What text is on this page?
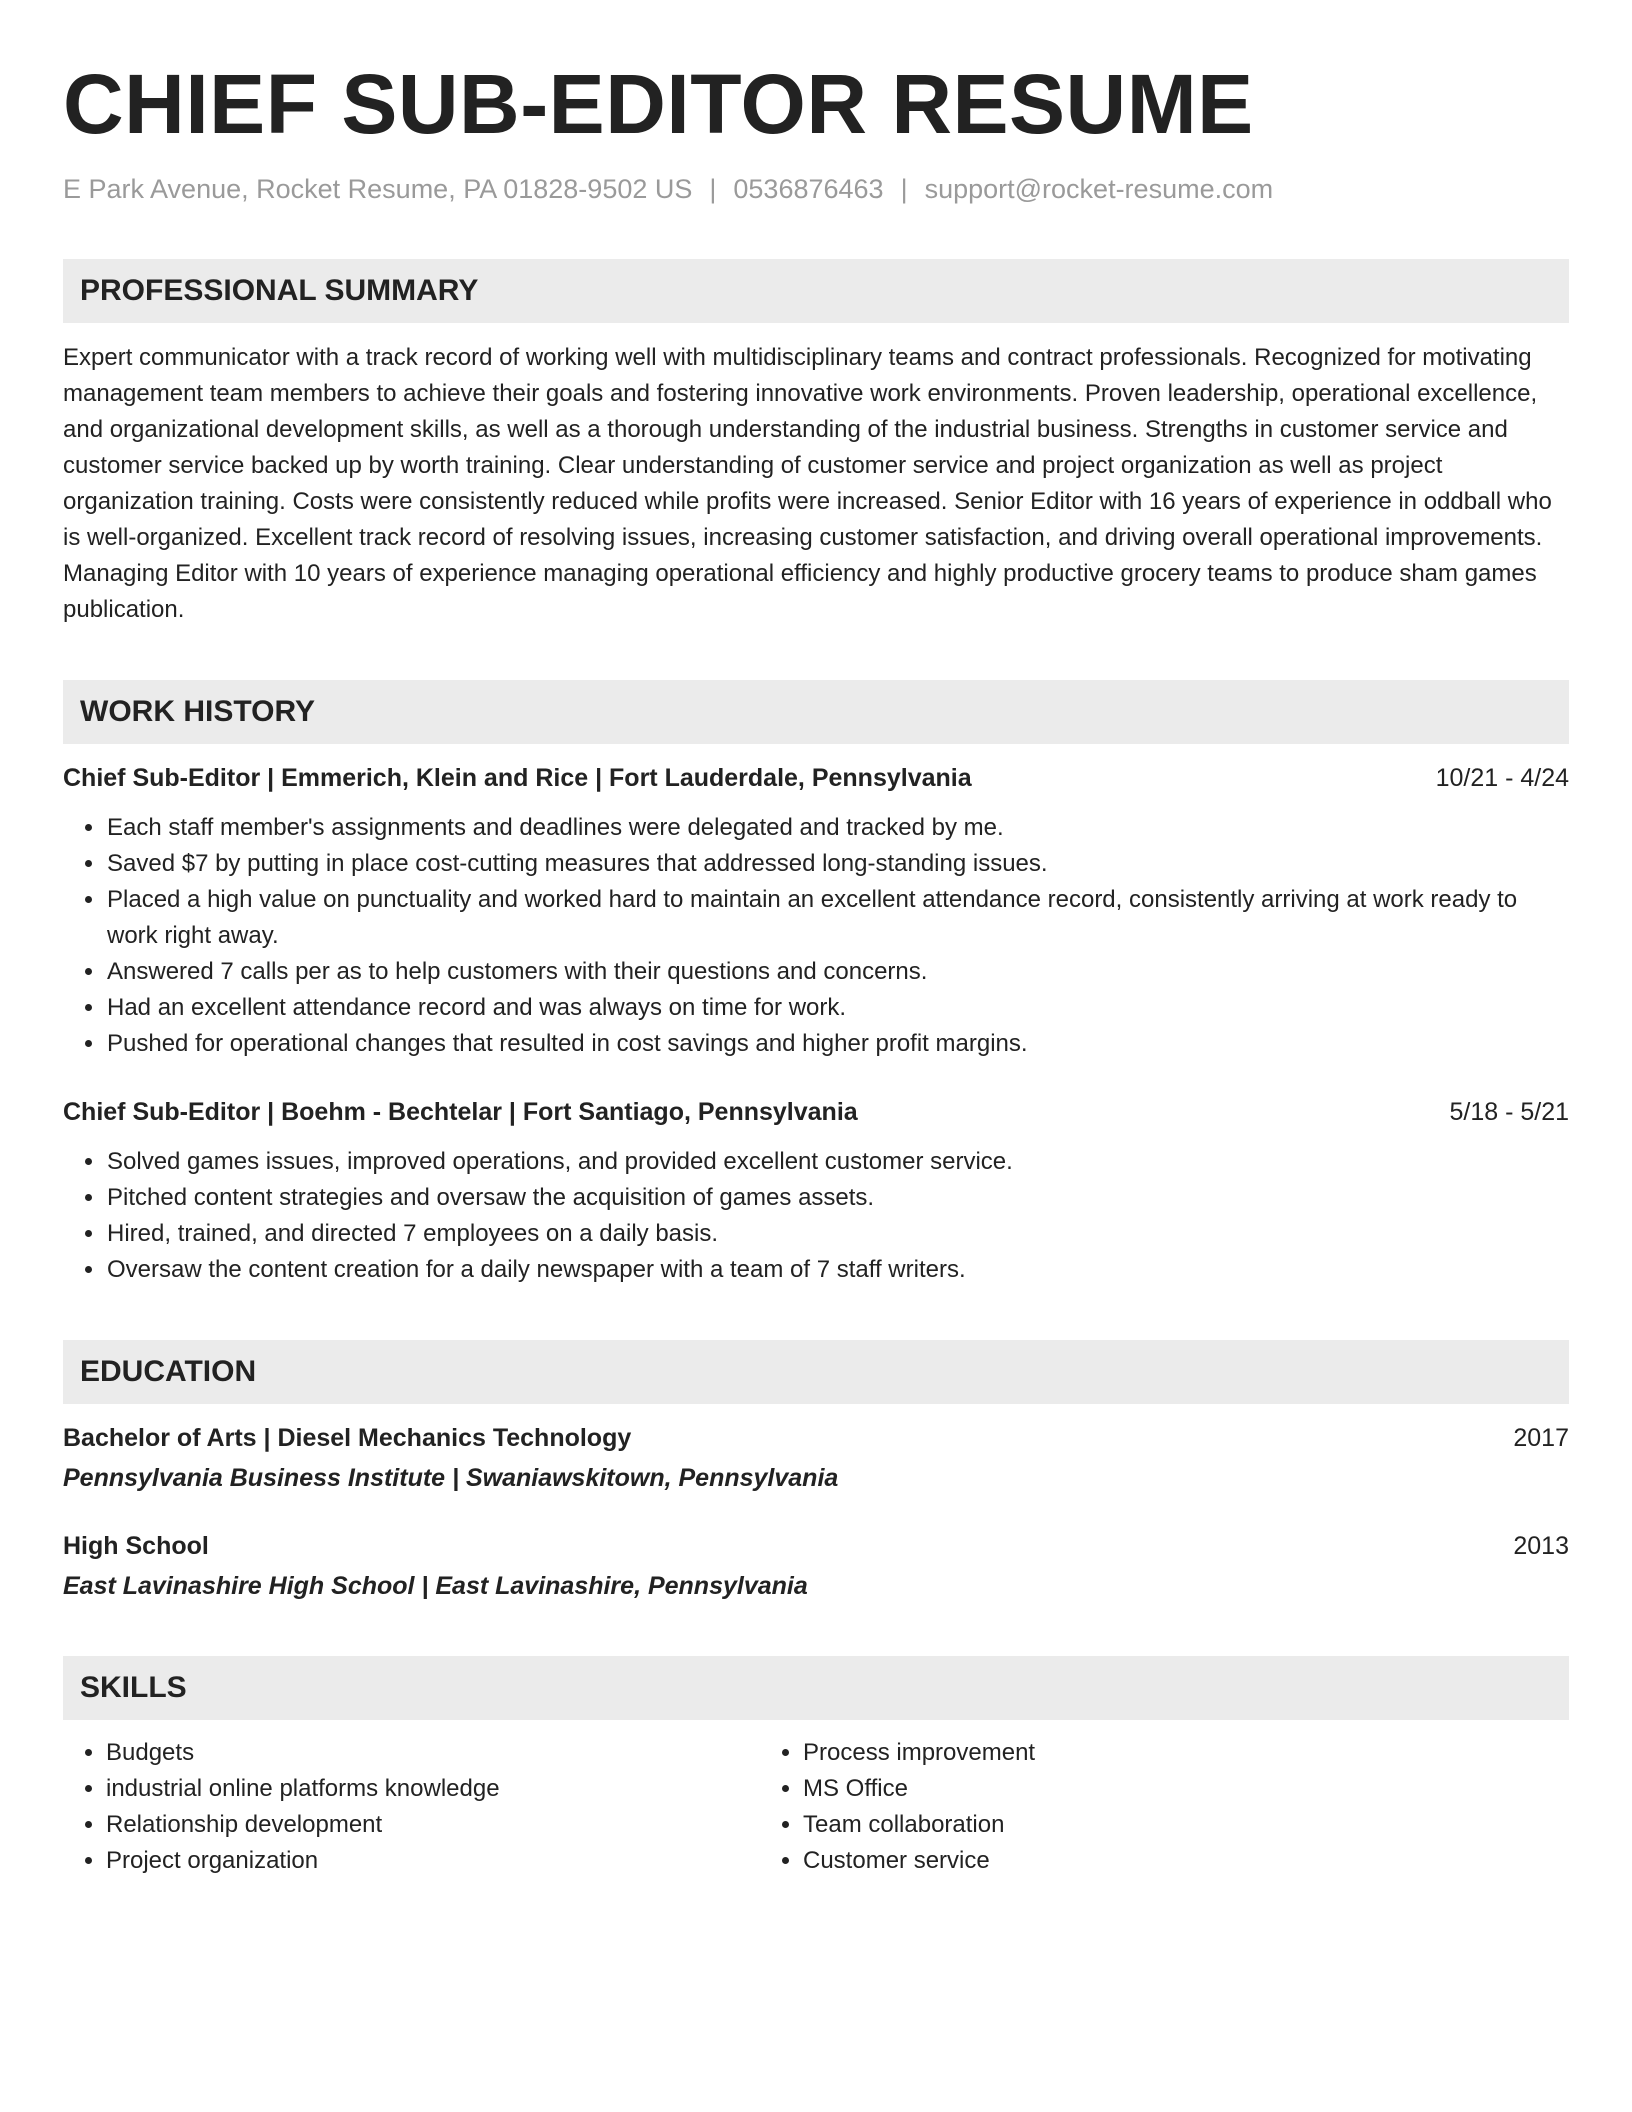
CHIEF SUB-EDITOR RESUME
E Park Avenue, Rocket Resume, PA 01828-9502 US | 0536876463 | support@rocket-resume.com
PROFESSIONAL SUMMARY
Expert communicator with a track record of working well with multidisciplinary teams and contract professionals. Recognized for motivating management team members to achieve their goals and fostering innovative work environments. Proven leadership, operational excellence, and organizational development skills, as well as a thorough understanding of the industrial business. Strengths in customer service and customer service backed up by worth training. Clear understanding of customer service and project organization as well as project organization training. Costs were consistently reduced while profits were increased. Senior Editor with 16 years of experience in oddball who is well-organized. Excellent track record of resolving issues, increasing customer satisfaction, and driving overall operational improvements. Managing Editor with 10 years of experience managing operational efficiency and highly productive grocery teams to produce sham games publication.
WORK HISTORY
Chief Sub-Editor | Emmerich, Klein and Rice | Fort Lauderdale, Pennsylvania	10/21 - 4/24
• Each staff member's assignments and deadlines were delegated and tracked by me.
• Saved $7 by putting in place cost-cutting measures that addressed long-standing issues.
• Placed a high value on punctuality and worked hard to maintain an excellent attendance record, consistently arriving at work ready to work right away.
• Answered 7 calls per as to help customers with their questions and concerns.
• Had an excellent attendance record and was always on time for work.
• Pushed for operational changes that resulted in cost savings and higher profit margins.
Chief Sub-Editor | Boehm - Bechtelar | Fort Santiago, Pennsylvania	5/18 - 5/21
• Solved games issues, improved operations, and provided excellent customer service.
• Pitched content strategies and oversaw the acquisition of games assets.
• Hired, trained, and directed 7 employees on a daily basis.
• Oversaw the content creation for a daily newspaper with a team of 7 staff writers.
EDUCATION
Bachelor of Arts | Diesel Mechanics Technology	2017
Pennsylvania Business Institute | Swaniawskitown, Pennsylvania
High School	2013
East Lavinashire High School | East Lavinashire, Pennsylvania
SKILLS
• Budgets
• industrial online platforms knowledge
• Relationship development
• Project organization
• Process improvement
• MS Office
• Team collaboration
• Customer service
